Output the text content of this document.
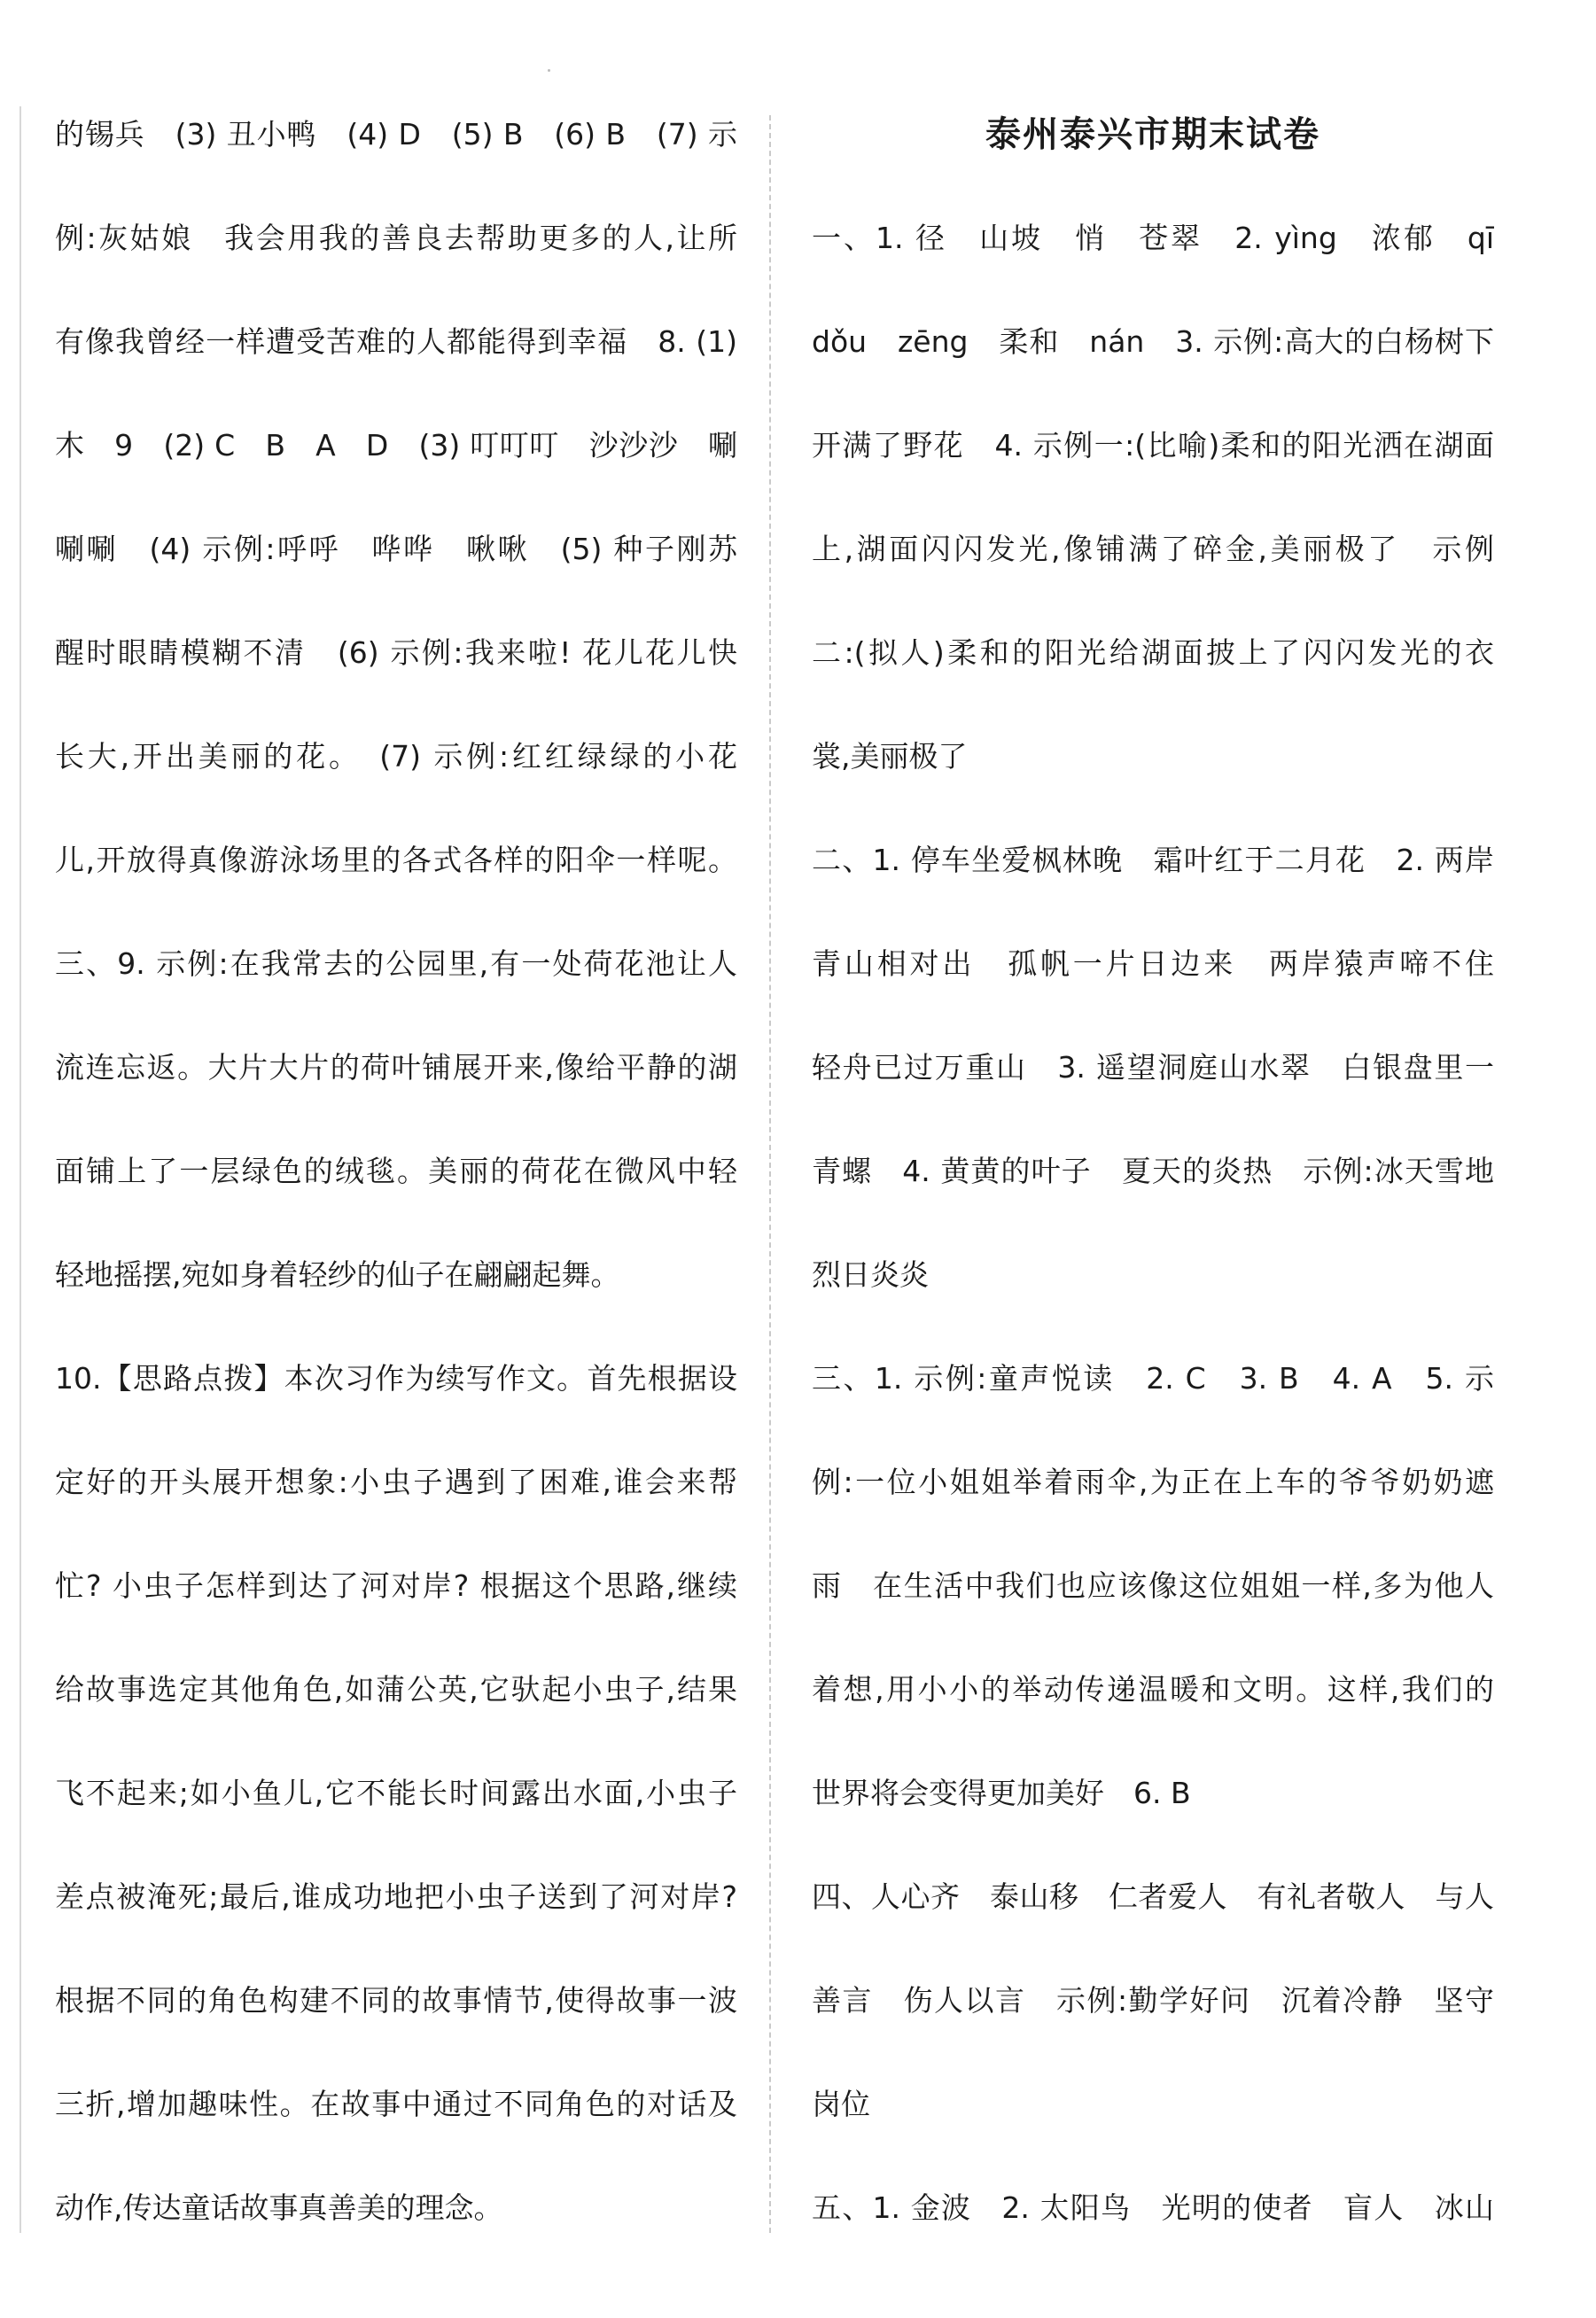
的锡兵　(3) 丑小鸭　(4) D　(5) B　(6) B　(7) 示
例:灰姑娘　我会用我的善良去帮助更多的人,让所
有像我曾经一样遭受苦难的人都能得到幸福　8. (1)
木　9　(2) C　B　A　D　(3) 叮叮叮　沙沙沙　唰
唰唰　(4) 示例:呼呼　哗哗　啾啾　(5) 种子刚苏
醒时眼睛模糊不清　(6) 示例:我来啦! 花儿花儿快
长大,开出美丽的花。　(7) 示例:红红绿绿的小花
儿,开放得真像游泳场里的各式各样的阳伞一样呢。
三、9. 示例:在我常去的公园里,有一处荷花池让人
流连忘返。大片大片的荷叶铺展开来,像给平静的湖
面铺上了一层绿色的绒毯。美丽的荷花在微风中轻
轻地摇摆,宛如身着轻纱的仙子在翩翩起舞。
10.【思路点拨】本次习作为续写作文。首先根据设
定好的开头展开想象:小虫子遇到了困难,谁会来帮
忙? 小虫子怎样到达了河对岸? 根据这个思路,继续
给故事选定其他角色,如蒲公英,它驮起小虫子,结果
飞不起来;如小鱼儿,它不能长时间露出水面,小虫子
差点被淹死;最后,谁成功地把小虫子送到了河对岸?
根据不同的角色构建不同的故事情节,使得故事一波
三折,增加趣味性。在故事中通过不同角色的对话及
动作,传达童话故事真善美的理念。
泰州泰兴市期末试卷
一、1. 径　山坡　悄　苍翠　2. yìng　浓郁　qī
dǒu　zēng　柔和　nán　3. 示例:高大的白杨树下
开满了野花　4. 示例一:(比喻)柔和的阳光洒在湖面
上,湖面闪闪发光,像铺满了碎金,美丽极了　示例
二:(拟人)柔和的阳光给湖面披上了闪闪发光的衣
裳,美丽极了
二、1. 停车坐爱枫林晚　霜叶红于二月花　2. 两岸
青山相对出　孤帆一片日边来　两岸猿声啼不住
轻舟已过万重山　3. 遥望洞庭山水翠　白银盘里一
青螺　4. 黄黄的叶子　夏天的炎热　示例:冰天雪地
烈日炎炎
三、1. 示例:童声悦读　2. C　3. B　4. A　5. 示
例:一位小姐姐举着雨伞,为正在上车的爷爷奶奶遮
雨　在生活中我们也应该像这位姐姐一样,多为他人
着想,用小小的举动传递温暖和文明。这样,我们的
世界将会变得更加美好　6. B
四、人心齐　泰山移　仁者爱人　有礼者敬人　与人
善言　伤人以言　示例:勤学好问　沉着冷静　坚守
岗位
五、1. 金波　2. 太阳鸟　光明的使者　盲人　冰山
